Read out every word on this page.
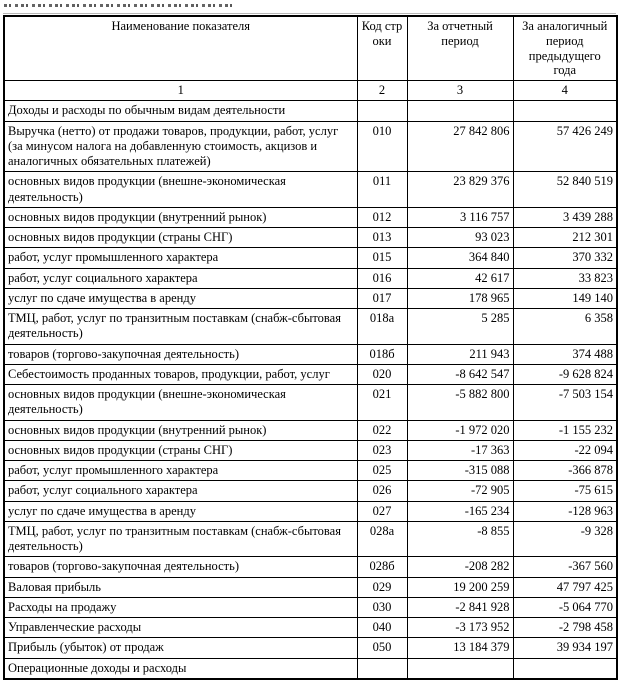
Наименование показателя	Код строки	За отчетный период	За аналогичный период предыдущего года
1	2	3	4
Доходы и расходы по обычным видам деятельности			
Выручка (нетто) от продажи товаров, продукции, работ, услуг (за минусом налога на добавленную стоимость, акцизов и аналогичных обязательных платежей)	010	27 842 806	57 426 249
основных видов продукции (внешне-экономическая деятельность)	011	23 829 376	52 840 519
основных видов продукции (внутренний рынок)	012	3 116 757	3 439 288
основных видов продукции (страны СНГ)	013	93 023	212 301
работ, услуг промышленного характера	015	364 840	370 332
работ, услуг социального характера	016	42 617	33 823
услуг по сдаче имущества в аренду	017	178 965	149 140
ТМЦ, работ, услуг по транзитным поставкам (снабж-сбытовая деятельность)	018а	5 285	6 358
товаров (торгово-закупочная деятельность)	018б	211 943	374 488
Себестоимость проданных товаров, продукции, работ, услуг	020	-8 642 547	-9 628 824
основных видов продукции (внешне-экономическая деятельность)	021	-5 882 800	-7 503 154
основных видов продукции (внутренний рынок)	022	-1 972 020	-1 155 232
основных видов продукции (страны СНГ)	023	-17 363	-22 094
работ, услуг промышленного характера	025	-315 088	-366 878
работ, услуг социального характера	026	-72 905	-75 615
услуг по сдаче имущества в аренду	027	-165 234	-128 963
ТМЦ, работ, услуг по транзитным поставкам (снабж-сбытовая деятельность)	028а	-8 855	-9 328
товаров (торгово-закупочная деятельность)	028б	-208 282	-367 560
Валовая прибыль	029	19 200 259	47 797 425
Расходы на продажу	030	-2 841 928	-5 064 770
Управленческие расходы	040	-3 173 952	-2 798 458
Прибыль (убыток) от продаж	050	13 184 379	39 934 197
Операционные доходы и расходы			
